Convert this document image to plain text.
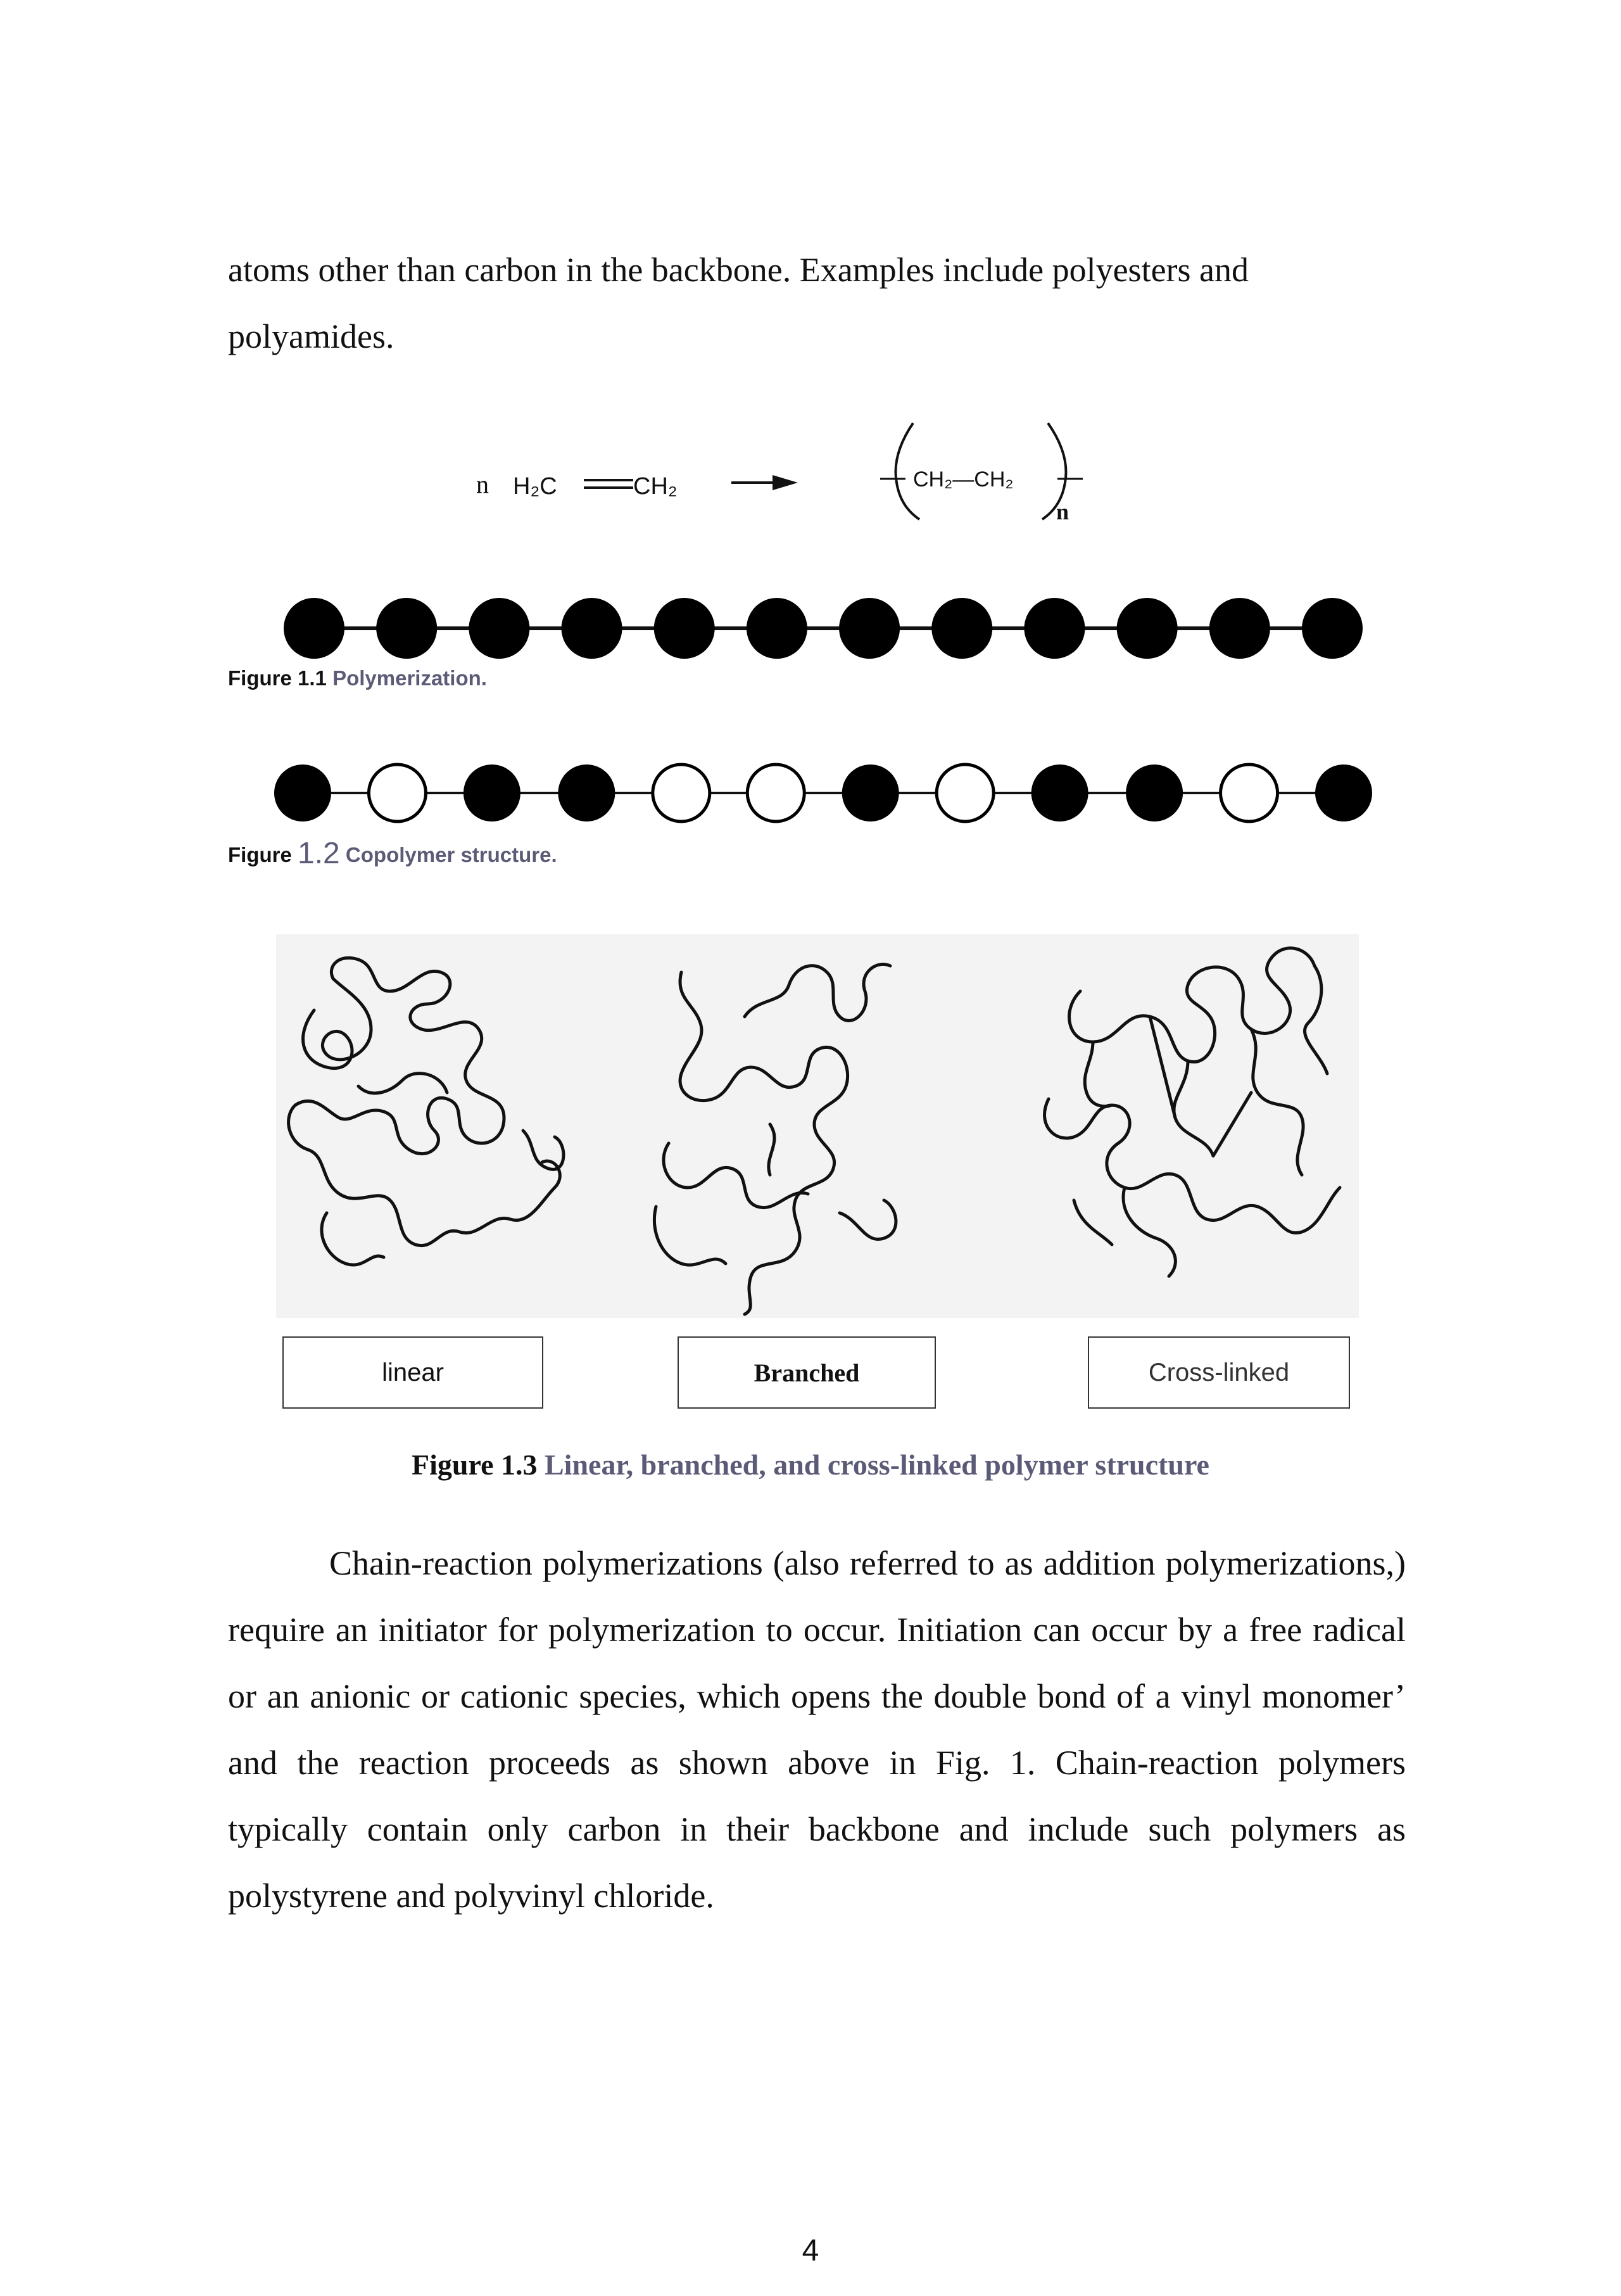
atoms other than carbon in the backbone. Examples include polyesters and polyamides.

n H₂C	CH₂	CH₂—CH₂
n
Figure 1.1 Polymerization.
Figure 1.2 Copolymer structure.
linear	Branched	Cross-linked
Figure 1.3 Linear, branched, and cross-linked polymer structure

Chain-reaction polymerizations (also referred to as addition polymerizations,) require an initiator for polymerization to occur. Initiation can occur by a free radical or an anionic or cationic species, which opens the double bond of a vinyl monomer’ and the reaction proceeds as shown above in Fig. 1. Chain-reaction polymers typically contain only carbon in their backbone and include such polymers as polystyrene and polyvinyl chloride.

4
